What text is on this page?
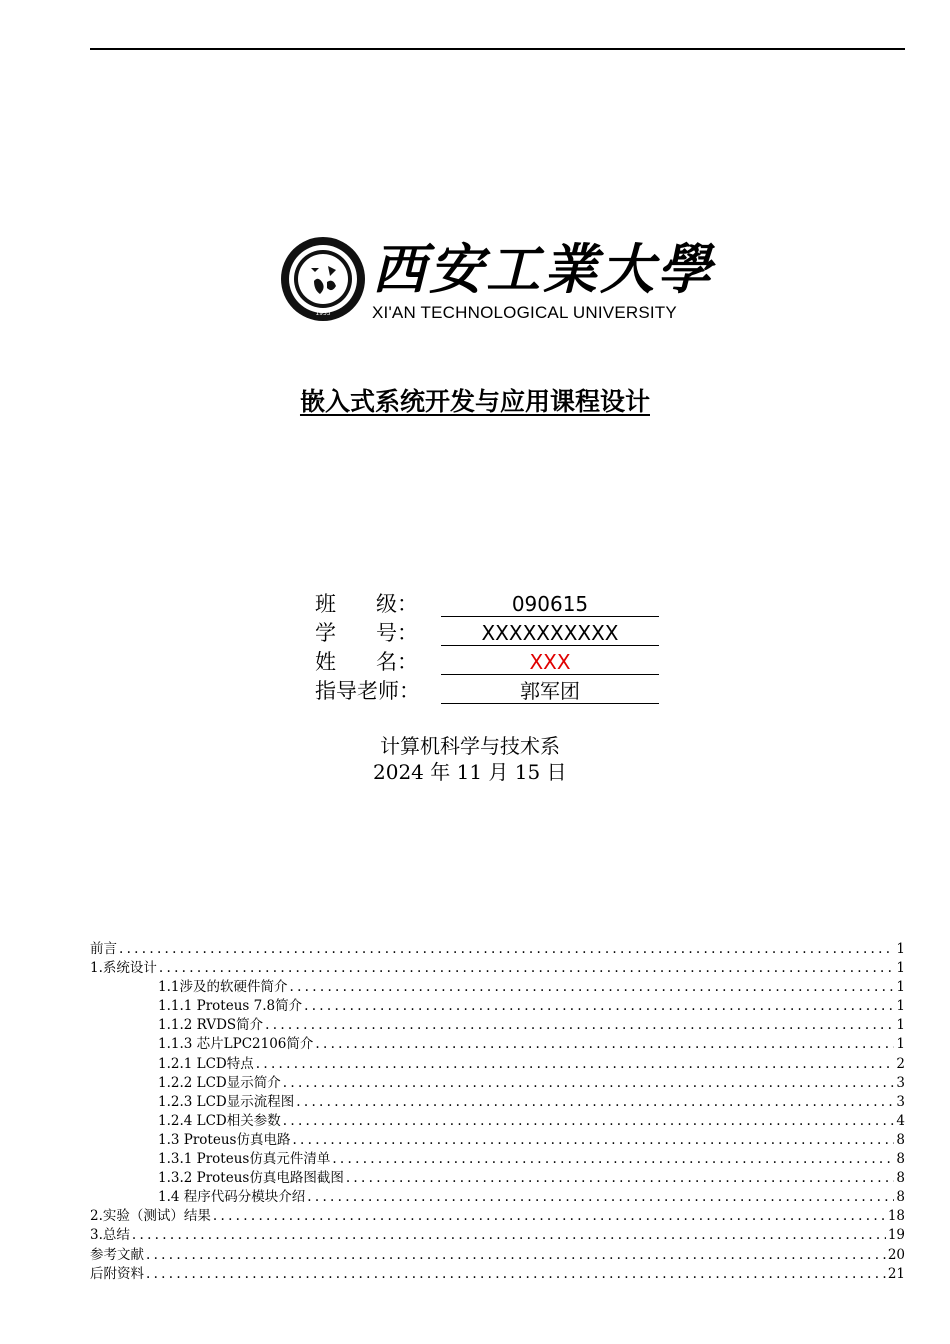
1955
西安工業大學
XI'AN TECHNOLOGICAL UNIVERSITY
嵌入式系统开发与应用课程设计
班      级：	090615
学      号：	XXXXXXXXXX
姓      名：	XXX
指导老师：	郭军团
计算机科学与技术系
2024 年 11 月 15 日
前言 .....	1
1.系统设计 .....	1
1.1涉及的软硬件简介 .....	1
1.1.1 Proteus 7.8简介 .....	1
1.1.2 RVDS简介 .....	1
1.1.3 芯片LPC2106简介 .....	1
1.2.1 LCD特点 .....	2
1.2.2 LCD显示简介 .....	3
1.2.3 LCD显示流程图 .....	3
1.2.4 LCD相关参数 .....	4
1.3 Proteus仿真电路 .....	8
1.3.1 Proteus仿真元件清单 .....	8
1.3.2 Proteus仿真电路图截图 .....	8
1.4 程序代码分模块介绍 .....	8
2.实验（测试）结果 .....	18
3.总结 .....	19
参考文献 .....	20
后附资料 .....	21
